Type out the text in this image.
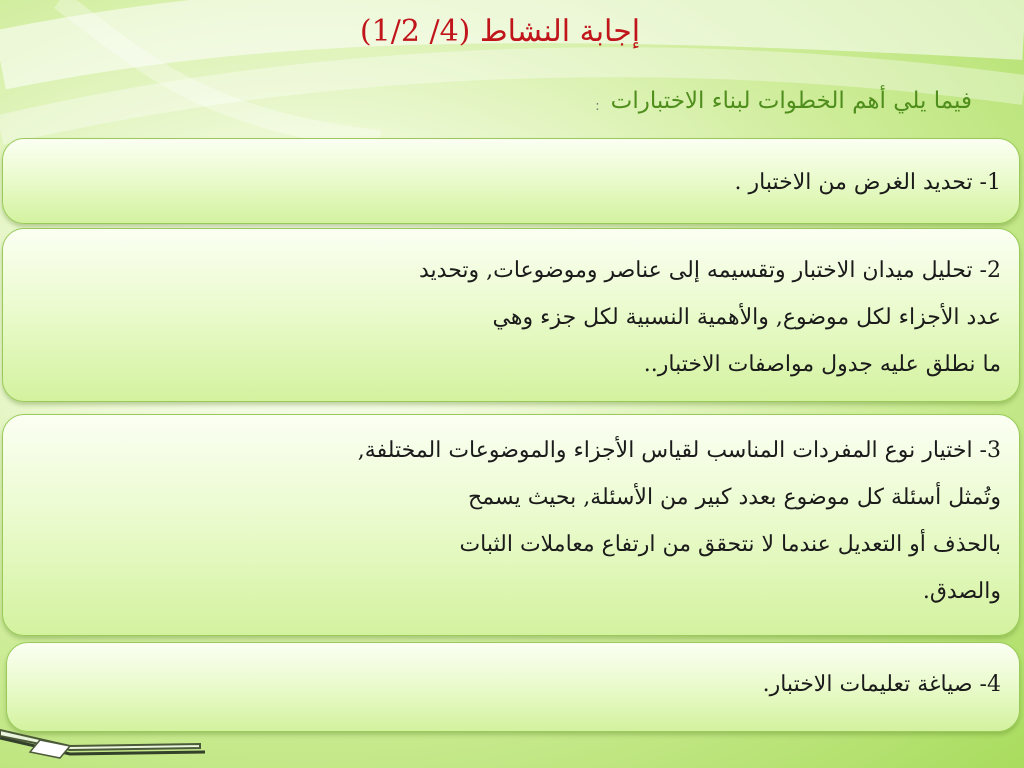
إجابة النشاط (4/ 1/2)
فيما يلي أهم الخطوات لبناء الاختبارات :

1- تحديد الغرض من الاختبار .

2- تحليل ميدان الاختبار وتقسيمه إلى عناصر وموضوعات, وتحديد

عدد الأجزاء لكل موضوع, والأهمية النسبية لكل جزء وهي

ما نطلق عليه جدول مواصفات الاختبار..

3- اختيار نوع المفردات المناسب لقياس الأجزاء والموضوعات المختلفة,

وتُمثل أسئلة كل موضوع بعدد كبير من الأسئلة, بحيث يسمح

بالحذف أو التعديل عندما لا نتحقق من ارتفاع معاملات الثبات

والصدق.

4- صياغة تعليمات الاختبار.
